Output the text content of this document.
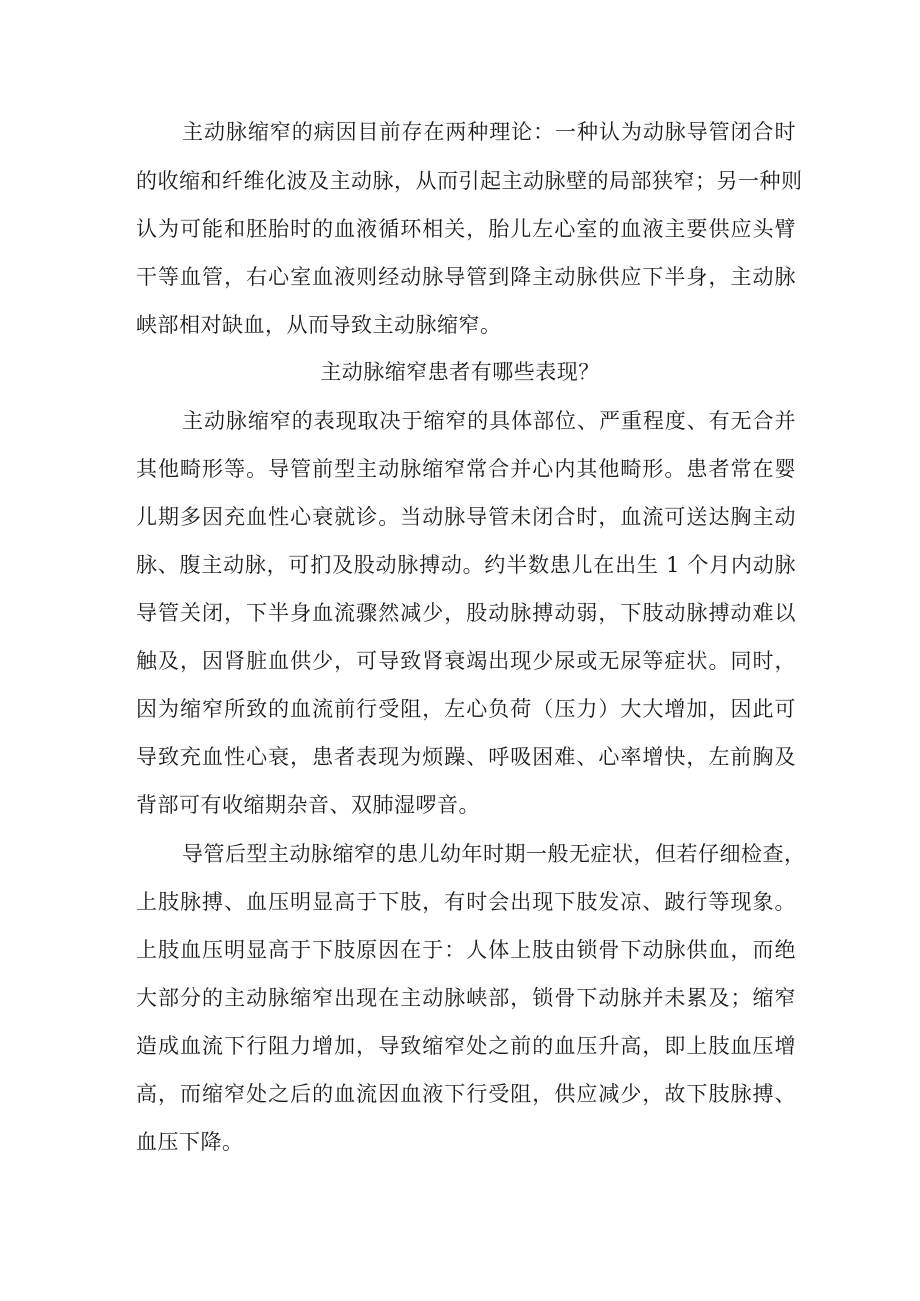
主动脉缩窄的病因目前存在两种理论：一种认为动脉导管闭合时
的收缩和纤维化波及主动脉，从而引起主动脉壁的局部狭窄；另一种则
认为可能和胚胎时的血液循环相关，胎儿左心室的血液主要供应头臂
干等血管，右心室血液则经动脉导管到降主动脉供应下半身，主动脉
峡部相对缺血，从而导致主动脉缩窄。
主动脉缩窄患者有哪些表现？
主动脉缩窄的表现取决于缩窄的具体部位、严重程度、有无合并
其他畸形等。导管前型主动脉缩窄常合并心内其他畸形。患者常在婴
儿期多因充血性心衰就诊。当动脉导管未闭合时，血流可送达胸主动
脉、腹主动脉，可扪及股动脉搏动。约半数患儿在出生 1 个月内动脉
导管关闭，下半身血流骤然减少，股动脉搏动弱，下肢动脉搏动难以
触及，因肾脏血供少，可导致肾衰竭出现少尿或无尿等症状。同时，
因为缩窄所致的血流前行受阻，左心负荷（压力）大大增加，因此可
导致充血性心衰，患者表现为烦躁、呼吸困难、心率增快，左前胸及
背部可有收缩期杂音、双肺湿啰音。
导管后型主动脉缩窄的患儿幼年时期一般无症状，但若仔细检查，
上肢脉搏、血压明显高于下肢，有时会出现下肢发凉、跛行等现象。
上肢血压明显高于下肢原因在于：人体上肢由锁骨下动脉供血，而绝
大部分的主动脉缩窄出现在主动脉峡部，锁骨下动脉并未累及；缩窄
造成血流下行阻力增加，导致缩窄处之前的血压升高，即上肢血压增
高，而缩窄处之后的血流因血液下行受阻，供应减少，故下肢脉搏、
血压下降。
